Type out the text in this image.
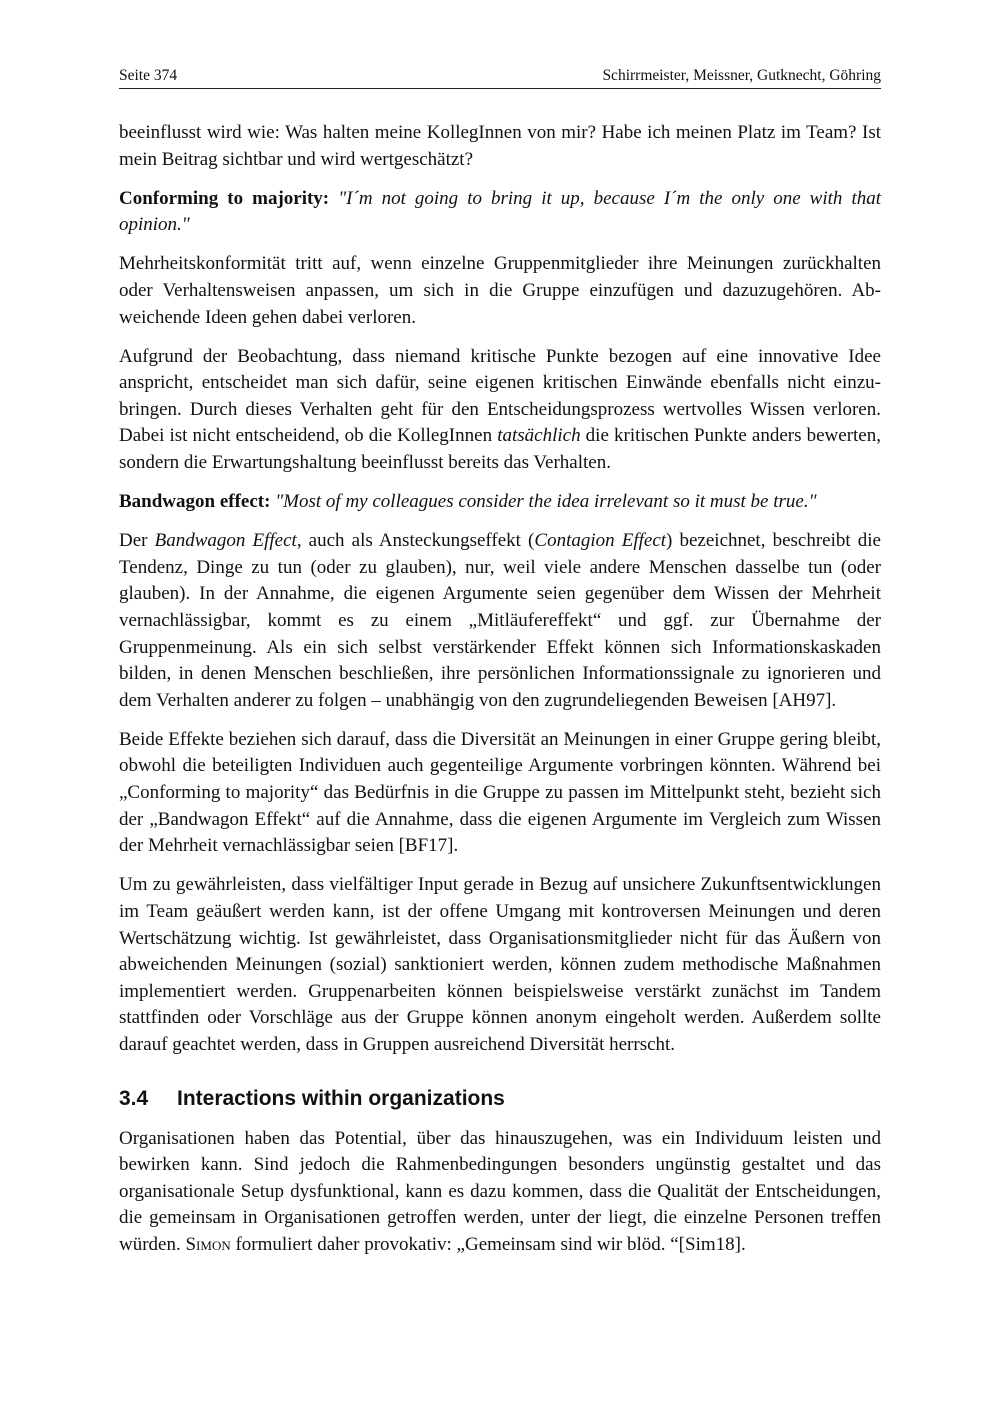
Seite 374	Schirrmeister, Meissner, Gutknecht, Göhring

beeinflusst wird wie: Was halten meine KollegInnen von mir? Habe ich meinen Platz im Team? Ist mein Beitrag sichtbar und wird wertgeschätzt?

Conforming to majority: "I´m not going to bring it up, because I´m the only one with that opinion."

Mehrheitskonformität tritt auf, wenn einzelne Gruppenmitglieder ihre Meinungen zurückhalten oder Verhaltensweisen anpassen, um sich in die Gruppe einzufügen und dazuzugehören. Abweichende Ideen gehen dabei verloren.

Aufgrund der Beobachtung, dass niemand kritische Punkte bezogen auf eine innovative Idee anspricht, entscheidet man sich dafür, seine eigenen kritischen Einwände ebenfalls nicht einzubringen. Durch dieses Verhalten geht für den Entscheidungsprozess wertvolles Wissen verloren. Dabei ist nicht entscheidend, ob die KollegInnen tatsächlich die kritischen Punkte anders bewerten, sondern die Erwartungshaltung beeinflusst bereits das Verhalten.

Bandwagon effect: "Most of my colleagues consider the idea irrelevant so it must be true."

Der Bandwagon Effect, auch als Ansteckungseffekt (Contagion Effect) bezeichnet, beschreibt die Tendenz, Dinge zu tun (oder zu glauben), nur, weil viele andere Menschen dasselbe tun (oder glauben). In der Annahme, die eigenen Argumente seien gegenüber dem Wissen der Mehrheit vernachlässigbar, kommt es zu einem „Mitläufereffekt“ und ggf. zur Übernahme der Gruppenmeinung. Als ein sich selbst verstärkender Effekt können sich Informationskaskaden bilden, in denen Menschen beschließen, ihre persönlichen Informationssignale zu ignorieren und dem Verhalten anderer zu folgen – unabhängig von den zugrundeliegenden Beweisen [AH97].

Beide Effekte beziehen sich darauf, dass die Diversität an Meinungen in einer Gruppe gering bleibt, obwohl die beteiligten Individuen auch gegenteilige Argumente vorbringen könnten. Während bei „Conforming to majority“ das Bedürfnis in die Gruppe zu passen im Mittelpunkt steht, bezieht sich der „Bandwagon Effekt“ auf die Annahme, dass die eigenen Argumente im Vergleich zum Wissen der Mehrheit vernachlässigbar seien [BF17].

Um zu gewährleisten, dass vielfältiger Input gerade in Bezug auf unsichere Zukunftsentwicklungen im Team geäußert werden kann, ist der offene Umgang mit kontroversen Meinungen und deren Wertschätzung wichtig. Ist gewährleistet, dass Organisationsmitglieder nicht für das Äußern von abweichenden Meinungen (sozial) sanktioniert werden, können zudem methodische Maßnahmen implementiert werden. Gruppenarbeiten können beispielsweise verstärkt zunächst im Tandem stattfinden oder Vorschläge aus der Gruppe können anonym eingeholt werden. Außerdem sollte darauf geachtet werden, dass in Gruppen ausreichend Diversität herrscht.

3.4 Interactions within organizations

Organisationen haben das Potential, über das hinauszugehen, was ein Individuum leisten und bewirken kann. Sind jedoch die Rahmenbedingungen besonders ungünstig gestaltet und das organisationale Setup dysfunktional, kann es dazu kommen, dass die Qualität der Entscheidungen, die gemeinsam in Organisationen getroffen werden, unter der liegt, die einzelne Personen treffen würden. Simon formuliert daher provokativ: „Gemeinsam sind wir blöd. “[Sim18].
